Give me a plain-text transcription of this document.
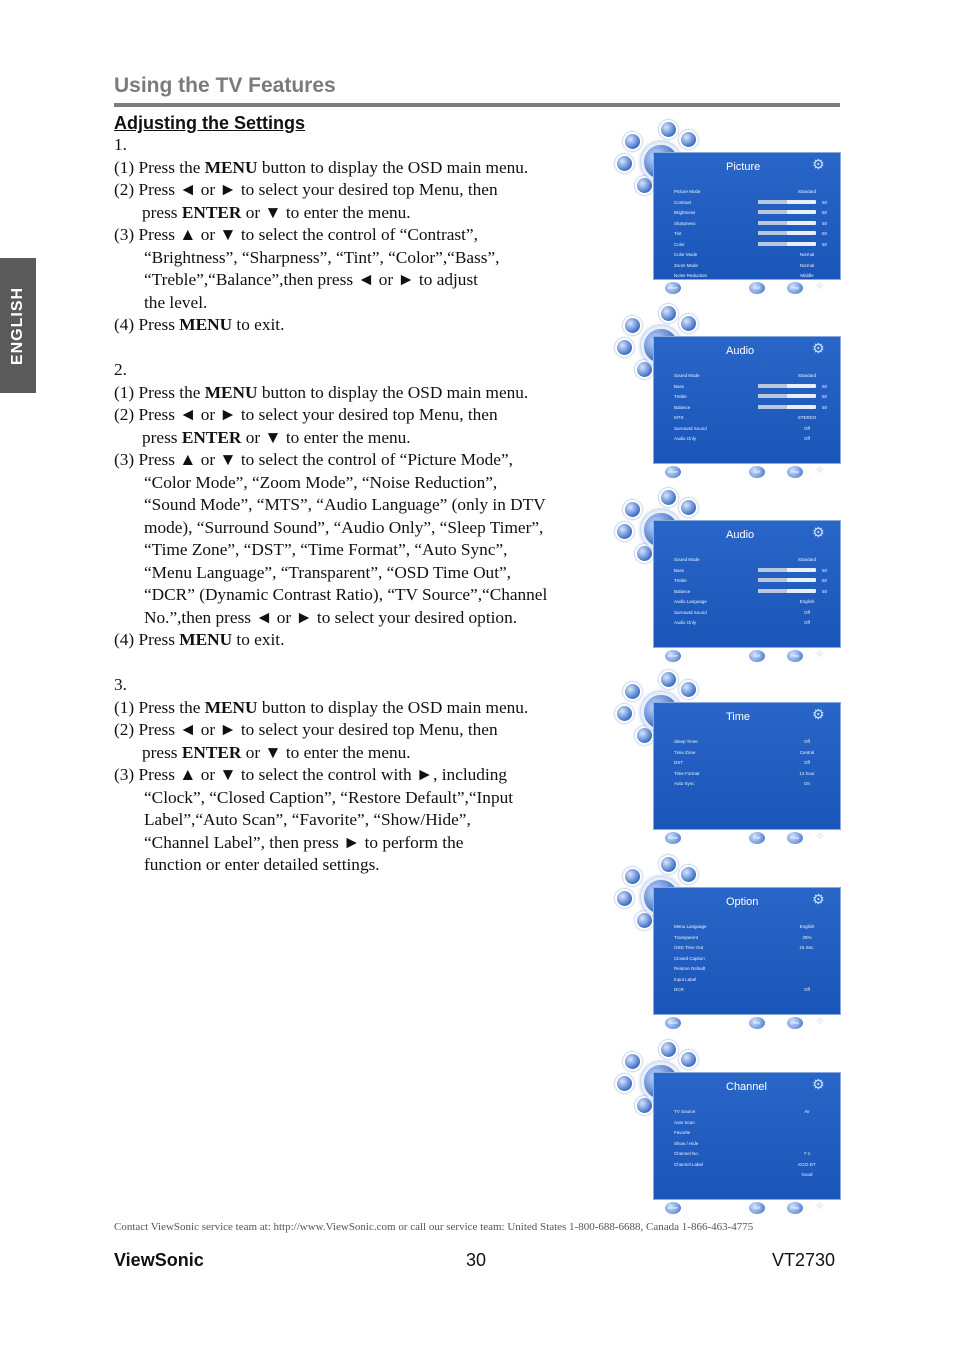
Using the TV Features
ENGLISH
Adjusting the Settings
1.
(1) Press the MENU button to display the OSD main menu.
(2) Press ◄ or ► to select your desired top Menu, then
press ENTER or ▼ to enter the menu.
(3) Press ▲ or ▼ to select the control of “Contrast”,
“Brightness”, “Sharpness”, “Tint”, “Color”,“Bass”,
“Treble”,“Balance”,then press ◄ or ► to adjust
the level.
(4) Press MENU to exit.

2.
(1) Press the MENU button to display the OSD main menu.
(2) Press ◄ or ► to select your desired top Menu, then
press ENTER or ▼ to enter the menu.
(3) Press ▲ or ▼ to select the control of “Picture Mode”,
“Color Mode”, “Zoom Mode”, “Noise Reduction”,
“Sound Mode”, “MTS”, “Audio Language” (only in DTV
mode), “Surround Sound”, “Audio Only”, “Sleep Timer”,
“Time Zone”, “DST”, “Time Format”, “Auto Sync”,
“Menu Language”, “Transparent”, “OSD Time Out”,
“DCR” (Dynamic Contrast Ratio), “TV Source”,“Channel
No.”,then press ◄ or ► to select your desired option.
(4) Press MENU to exit.

3.
(1) Press the MENU button to display the OSD main menu.
(2) Press ◄ or ► to select your desired top Menu, then
press ENTER or ▼ to enter the menu.
(3) Press ▲ or ▼ to select the control with ►, including
“Clock”, “Closed Caption”, “Restore Default”,“Input
Label”,“Auto Scan”, “Favorite”, “Show/Hide”,
“Channel Label”, then press ► to perform the
function or enter detailed settings.
Picture	⚙
Picture Mode	Standard
Contrast	50
Brightness	50
Sharpness	50
Tint	50
Color	50
Color Mode	Normal
Zoom Mode	Normal
Noise Reduction	Middle
Move	Exit	Help	✥
Audio	⚙
Sound Mode	Standard
Bass	50
Treble	50
Balance	50
MTS	STEREO
Surround Sound	Off
Audio Only	Off
Move	Exit	Help	✥
Audio	⚙
Sound Mode	Standard
Bass	50
Treble	50
Balance	50
Audio Language	English
Surround Sound	Off
Audio Only	Off
Move	Exit	Help	✥
Time	⚙
Sleep Timer	Off
Time Zone	Central
DST	Off
Time Format	12 hour
Auto Sync	On
Move	Exit	Help	✥
Option	⚙
Menu Language	English
Transparent	25%
OSD Time Out	15 Sec.
Closed Caption
Restore Default
Input Label
DCR	Off
Move	Exit	Help	✥
Channel	⚙
TV Source	Air
Auto Scan
Favorite
Show / Hide
Channel No.	7-1
Channel Label	KGO-DT
Good
Move	Exit	Help	✥
Contact ViewSonic service team at: http://www.ViewSonic.com or call our service team: United States 1-800-688-6688, Canada 1-866-463-4775
ViewSonic	30	VT2730
